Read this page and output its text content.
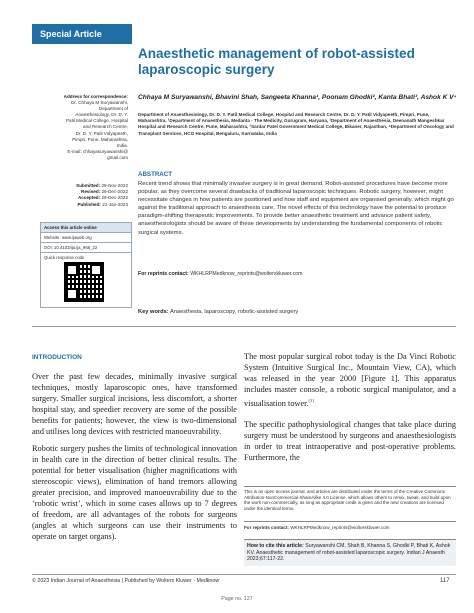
Special Article
Anaesthetic management of robot-assisted laparoscopic surgery
Chhaya M Suryawanshi, Bhavini Shah, Sangeeta Khanna¹, Poonam Ghodki², Kanta Bhati³, Ashok K V⁴
Department of Anaesthesiology, Dr. D. Y. Patil Medical College, Hospital and Research Centre, Dr. D. Y. Patil Vidyapeeth, Pimpri, Pune, Maharashtra, ¹Department of Anaesthesia, Medanta - The Medicity, Gurugram, Haryana, ²Department of Anaesthesia, Deenanath Mangeshkar Hospital and Research Centre, Pune, Maharashtra, ³Sardar Patel Government Medical College, Bikaner, Rajasthan, ⁴Department of Oncology and Transplant Services, HCG Hospital, Bengaluru, Karnataka, India
Address for correspondence:
Dr. Chhaya M Suryawanshi,
Department of
Anaesthesiology, Dr. D. Y.
Patil Medical College, Hospital
and Research Centre,
Dr. D. Y. Patil Vidyapeeth,
Pimpri, Pune, Maharashtra,
India.
E-mail: chhayasuryawanshi@
gmail.com
Submitted: 29-Nov-2022
Revised: 28-Dec-2022
Accepted: 29-Dec-2022
Published: 21-Jan-2023
Access this article online
Website: www.ijaweb.org
DOI: 10.4103/ija.ija_966_22
Quick response code
ABSTRACT
Recent trend shows that minimally invasive surgery is in great demand. Robot-assisted procedures have become more popular, as they overcome several drawbacks of traditional laparoscopic techniques. Robotic surgery, however, might necessitate changes in how patients are positioned and how staff and equipment are organised generally, which might go against the traditional approach to anaesthesia care. The novel effects of this technology have the potential to produce paradigm-shifting therapeutic improvements. To provide better anaesthetic treatment and advance patient safety, anaesthesiologists should be aware of these developments by understanding the fundamental components of robotic surgical systems.
For reprints contact: WKHLRPMedknow_reprints@wolterskluwer.com
Key words: Anaesthesia, laparoscopy, robotic-assisted surgery
INTRODUCTION

Over the past few decades, minimally invasive surgical techniques, mostly laparoscopic ones, have transformed surgery. Smaller surgical incisions, less discomfort, a shorter hospital stay, and speedier recovery are some of the possible benefits for patients; however, the view is two-dimensional and utilises long devices with restricted manoeuvrability.

Robotic surgery pushes the limits of technological innovation in health care in the direction of better clinical results. The potential for better visualisation (higher magnifications with stereoscopic views), elimination of hand tremors allowing greater precision, and improved manoeuvrability due to the ‘robotic wrist’, which in some cases allows up to 7 degrees of freedom, are all advantages of the robots for surgeons (angles at which surgeons can use their instruments to operate on target organs).

The most popular surgical robot today is the Da Vinci Robotic System (Intuitive Surgical Inc., Mountain View, CA), which was released in the year 2000 [Figure 1]. This apparatus includes master console, a robotic surgical manipulator, and a visualisation tower.[1]

The specific pathophysiological changes that take place during surgery must be understood by surgeons and anaesthesiologists in order to treat intraoperative and post-operative problems. Furthermore, the

This is an open access journal, and articles are distributed under the terms of the Creative Commons Attribution-NonCommercial-ShareAlike 4.0 License, which allows others to remix, tweak, and build upon the work non-commercially, as long as appropriate credit is given and the new creations are licensed under the identical terms.
For reprints contact: WKHLRPMedknow_reprints@wolterskluwer.com
How to cite this article: Suryawanshi CM, Shah B, Khanna S, Ghodki P, Bhati K, Ashok KV. Anaesthetic management of robot-assisted laparoscopic surgery. Indian J Anaesth 2023;67:117-22.
© 2023 Indian Journal of Anaesthesia | Published by Wolters Kluwer - Medknow	117
Page no. 127
